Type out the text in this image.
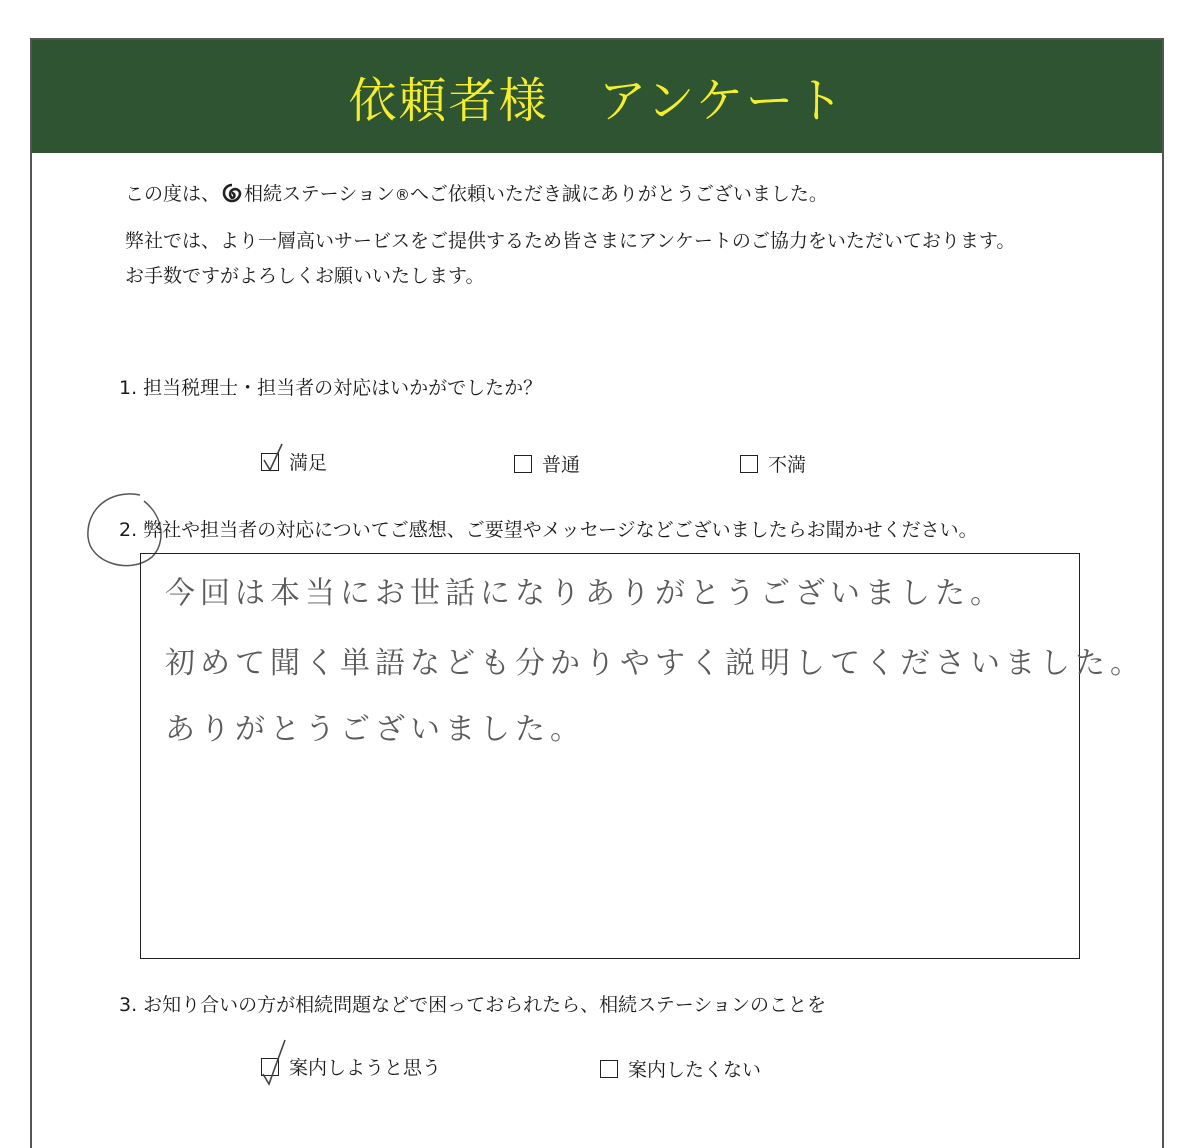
依頼者様　アンケート
この度は、 相続ステーション®へご依頼いただき誠にありがとうございました。
弊社では、より一層高いサービスをご提供するため皆さまにアンケートのご協力をいただいております。
お手数ですがよろしくお願いいたします。
1. 担当税理士・担当者の対応はいかがでしたか？
満足	普通	不満
2. 弊社や担当者の対応についてご感想、ご要望やメッセージなどございましたらお聞かせください。
今回は本当にお世話になりありがとうございました。
初めて聞く単語なども分かりやすく説明してくださいました。
ありがとうございました。
3. お知り合いの方が相続問題などで困っておられたら、相続ステーションのことを
案内しようと思う	案内したくない
